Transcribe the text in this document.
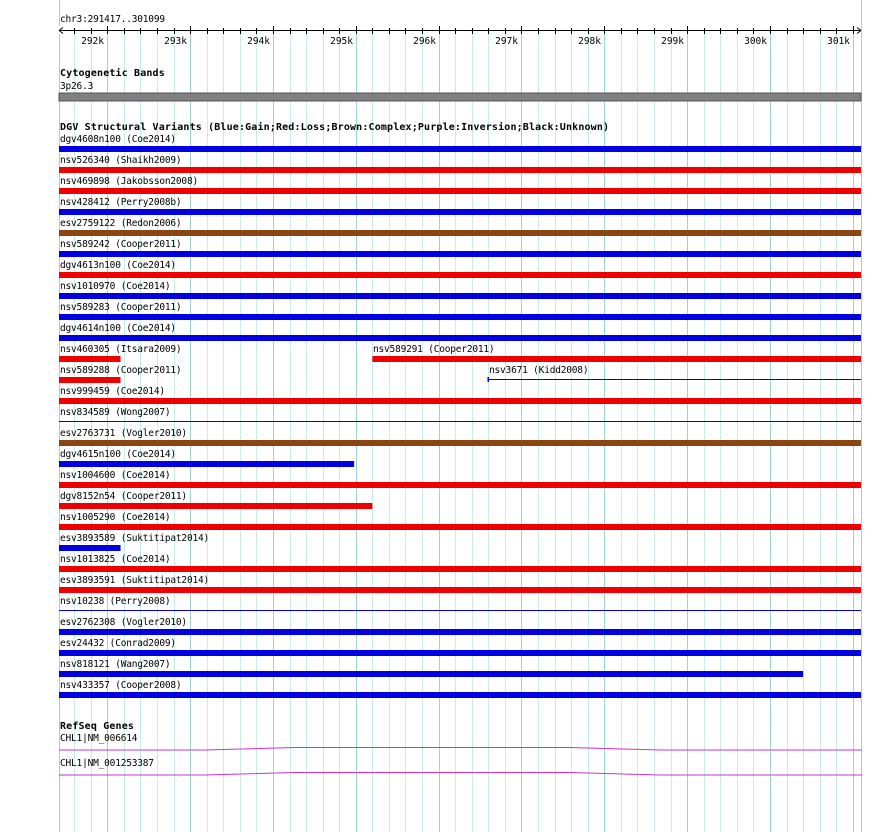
chr3:291417..301099
292k	293k	294k	295k	296k	297k	298k	299k	300k	301k
Cytogenetic Bands
3p26.3
DGV Structural Variants (Blue:Gain;Red:Loss;Brown:Complex;Purple:Inversion;Black:Unknown)
dgv4608n100 (Coe2014)
nsv526340 (Shaikh2009)
nsv469898 (Jakobsson2008)
nsv428412 (Perry2008b)
esv2759122 (Redon2006)
nsv589242 (Cooper2011)
dgv4613n100 (Coe2014)
nsv1010970 (Coe2014)
nsv589283 (Cooper2011)
dgv4614n100 (Coe2014)
nsv460305 (Itsara2009)	nsv589291 (Cooper2011)
nsv589288 (Cooper2011)	nsv3671 (Kidd2008)
nsv999459 (Coe2014)
nsv834589 (Wong2007)
esv2763731 (Vogler2010)
dgv4615n100 (Coe2014)
nsv1004600 (Coe2014)
dgv8152n54 (Cooper2011)
nsv1005290 (Coe2014)
esv3893589 (Suktitipat2014)
nsv1013825 (Coe2014)
esv3893591 (Suktitipat2014)
nsv10238 (Perry2008)
esv2762308 (Vogler2010)
esv24432 (Conrad2009)
nsv818121 (Wang2007)
nsv433357 (Cooper2008)
RefSeq Genes
CHL1|NM_006614
CHL1|NM_001253387
